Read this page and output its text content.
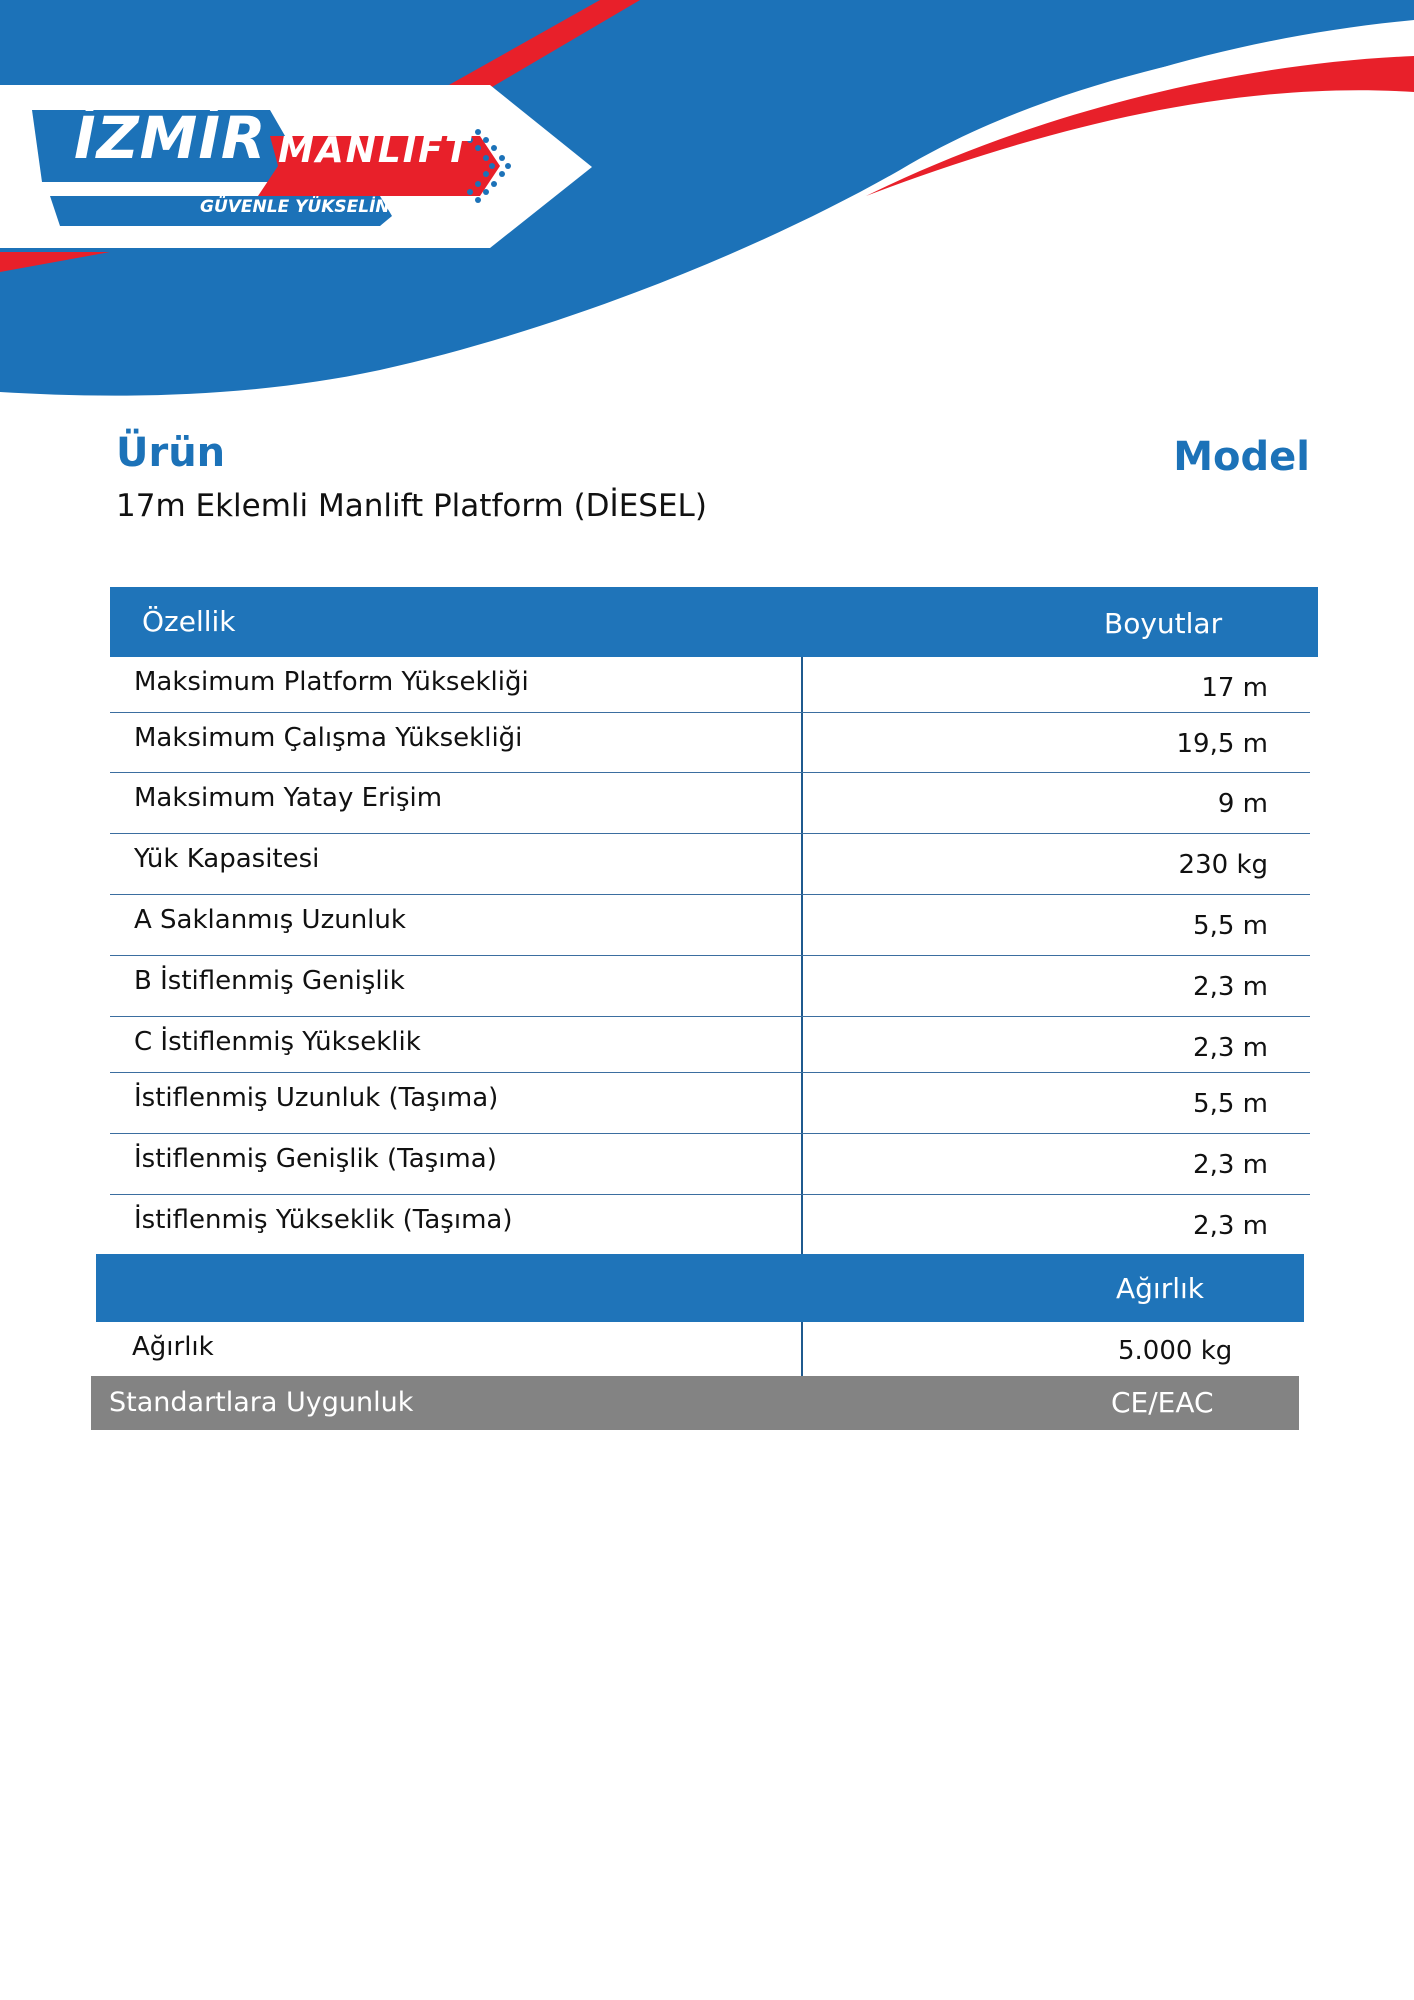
İZMİR MANLİFT
GÜVENLE YÜKSELİN
Ürün
17m Eklemli Manlift Platform (DİESEL)
Model
Özellik	Boyutlar
Maksimum Platform Yüksekliği	17 m
Maksimum Çalışma Yüksekliği	19,5 m
Maksimum Yatay Erişim	9 m
Yük Kapasitesi	230 kg
A Saklanmış Uzunluk	5,5 m
B İstiflenmiş Genişlik	2,3 m
C İstiflenmiş Yükseklik	2,3 m
İstiflenmiş Uzunluk (Taşıma)	5,5 m
İstiflenmiş Genişlik (Taşıma)	2,3 m
İstiflenmiş Yükseklik (Taşıma)	2,3 m
Ağırlık
Ağırlık	5.000 kg
Standartlara Uygunluk	CE/EAC
